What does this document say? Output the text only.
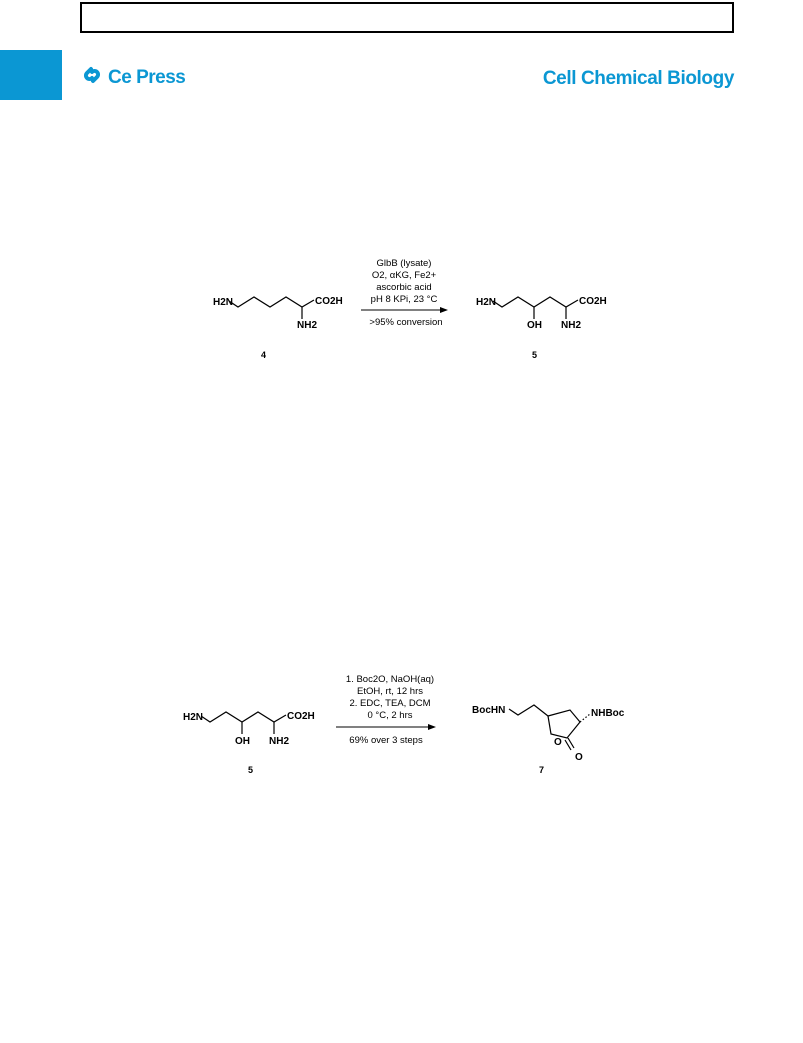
Ce Press	Cell Chemical Biology
H2N	CO2H
NH2
4
GlbB (lysate)
O2, αKG, Fe2+
ascorbic acid
pH 8 KPi, 23 °C
>95% conversion
H2N	CO2H
OH NH2
5
H2N	CO2H
OH NH2
5
1. Boc2O, NaOH(aq)
EtOH, rt, 12 hrs
2. EDC, TEA, DCM
0 °C, 2 hrs
69% over 3 steps
BocHN	NHBoc
O
O
7
